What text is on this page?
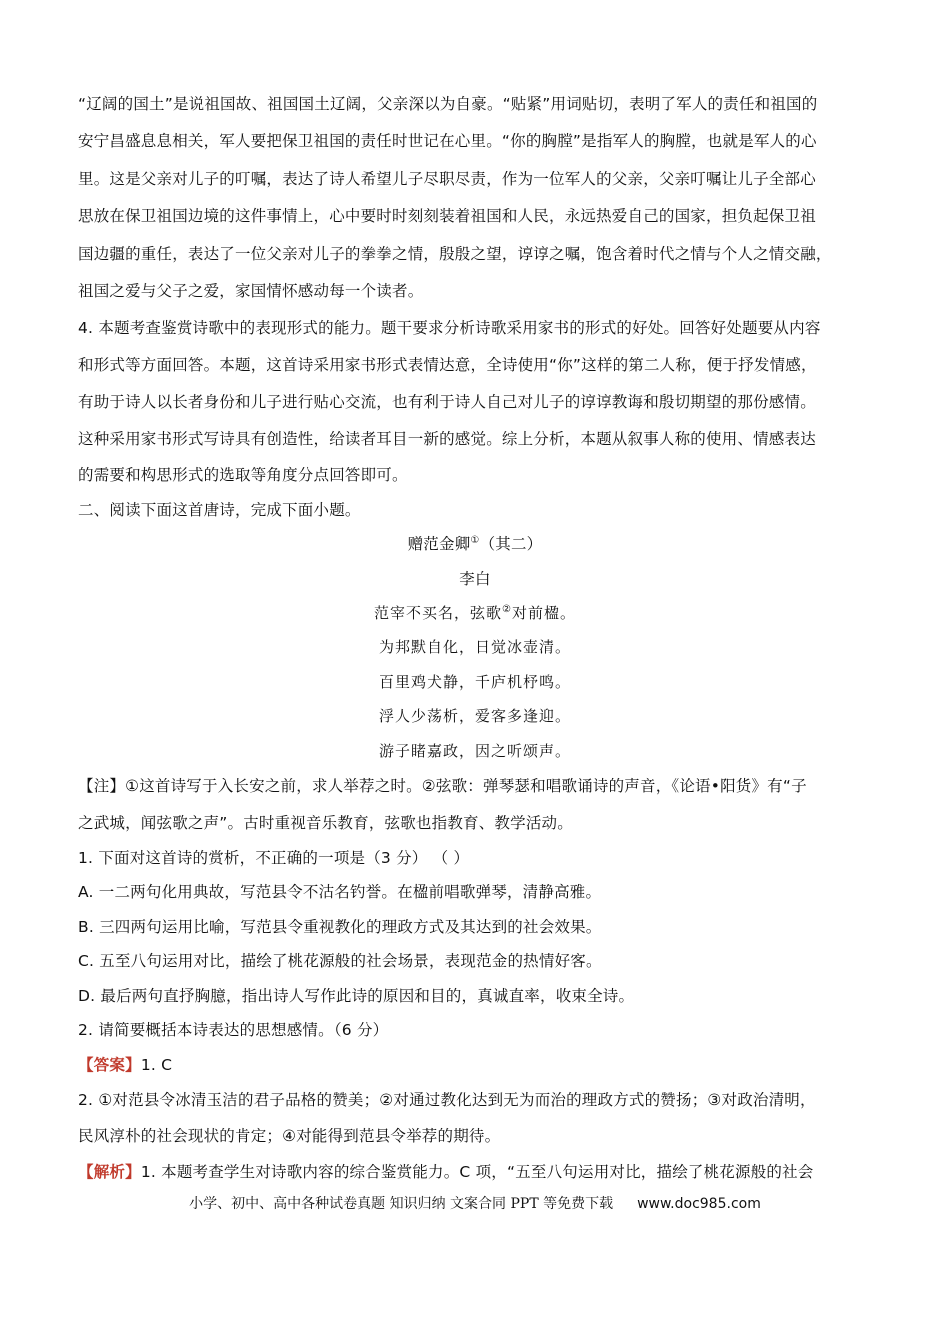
“辽阔的国土”是说祖国故、祖国国土辽阔，父亲深以为自豪。“贴紧”用词贴切，表明了军人的责任和祖国的
安宁昌盛息息相关，军人要把保卫祖国的责任时世记在心里。“你的胸膛”是指军人的胸膛，也就是军人的心
里。这是父亲对儿子的叮嘱，表达了诗人希望儿子尽职尽责，作为一位军人的父亲，父亲叮嘱让儿子全部心
思放在保卫祖国边境的这件事情上，心中要时时刻刻装着祖国和人民，永远热爱自己的国家，担负起保卫祖
国边疆的重任，表达了一位父亲对儿子的拳拳之情，殷殷之望，谆谆之嘱，饱含着时代之情与个人之情交融，
祖国之爱与父子之爱，家国情怀感动每一个读者。
4. 本题考查鉴赏诗歌中的表现形式的能力。题干要求分析诗歌采用家书的形式的好处。回答好处题要从内容
和形式等方面回答。本题，这首诗采用家书形式表情达意，全诗使用“你”这样的第二人称，便于抒发情感，
有助于诗人以长者身份和儿子进行贴心交流，也有利于诗人自己对儿子的谆谆教诲和殷切期望的那份感情。
这种采用家书形式写诗具有创造性，给读者耳目一新的感觉。综上分析，本题从叙事人称的使用、情感表达
的需要和构思形式的选取等角度分点回答即可。
二、阅读下面这首唐诗，完成下面小题。
赠范金卿①（其二）
李白
范宰不买名，弦歌②对前楹。
为邦默自化，日觉冰壶清。
百里鸡犬静，千庐机杼鸣。
浮人少荡析，爱客多逢迎。
游子睹嘉政，因之听颂声。
【注】①这首诗写于入长安之前，求人举荐之时。②弦歌：弹琴瑟和唱歌诵诗的声音，《论语•阳货》有“子
之武城，闻弦歌之声”。古时重视音乐教育，弦歌也指教育、教学活动。
1. 下面对这首诗的赏析，不正确的一项是（3 分） （ ）
A. 一二两句化用典故，写范县令不沽名钓誉。在楹前唱歌弹琴，清静高雅。
B. 三四两句运用比喻，写范县令重视教化的理政方式及其达到的社会效果。
C. 五至八句运用对比，描绘了桃花源般的社会场景，表现范金的热情好客。
D. 最后两句直抒胸臆，指出诗人写作此诗的原因和目的，真诚直率，收束全诗。
2. 请简要概括本诗表达的思想感情。（6 分）
【答案】1. C
2. ①对范县令冰清玉洁的君子品格的赞美；②对通过教化达到无为而治的理政方式的赞扬；③对政治清明，
民风淳朴的社会现状的肯定；④对能得到范县令举荐的期待。
【解析】1. 本题考查学生对诗歌内容的综合鉴赏能力。C 项，“五至八句运用对比，描绘了桃花源般的社会
小学、初中、高中各种试卷真题 知识归纳 文案合同 PPT 等免费下载 www.doc985.com
